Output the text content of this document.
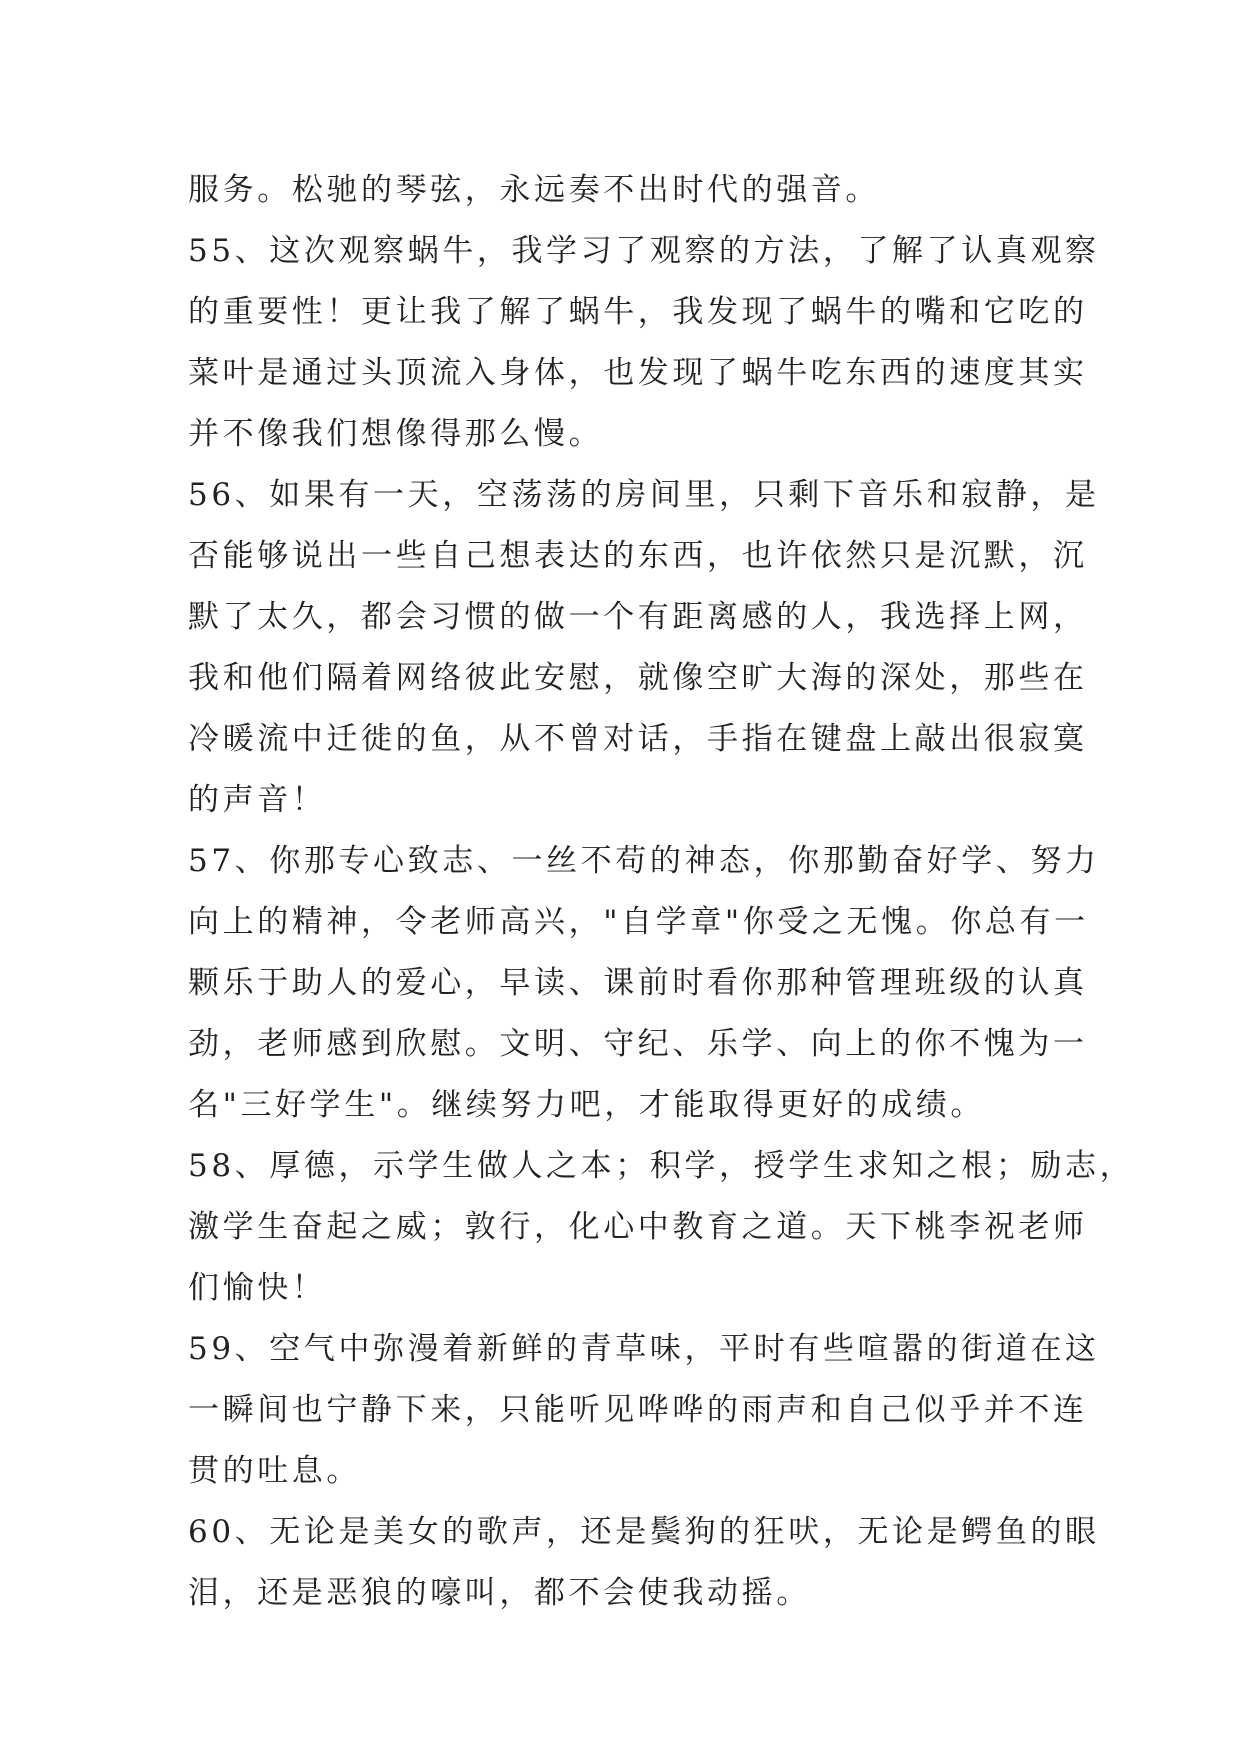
服务。松驰的琴弦，永远奏不出时代的强音。
55、这次观察蜗牛，我学习了观察的方法，了解了认真观察
的重要性！更让我了解了蜗牛，我发现了蜗牛的嘴和它吃的
菜叶是通过头顶流入身体，也发现了蜗牛吃东西的速度其实
并不像我们想像得那么慢。
56、如果有一天，空荡荡的房间里，只剩下音乐和寂静，是
否能够说出一些自己想表达的东西，也许依然只是沉默，沉
默了太久，都会习惯的做一个有距离感的人，我选择上网，
我和他们隔着网络彼此安慰，就像空旷大海的深处，那些在
冷暖流中迁徙的鱼，从不曾对话，手指在键盘上敲出很寂寞
的声音！
57、你那专心致志、一丝不苟的神态，你那勤奋好学、努力
向上的精神，令老师高兴，"自学章"你受之无愧。你总有一
颗乐于助人的爱心，早读、课前时看你那种管理班级的认真
劲，老师感到欣慰。文明、守纪、乐学、向上的你不愧为一
名"三好学生"。继续努力吧，才能取得更好的成绩。
58、厚德，示学生做人之本；积学，授学生求知之根；励志，
激学生奋起之威；敦行，化心中教育之道。天下桃李祝老师
们愉快！
59、空气中弥漫着新鲜的青草味，平时有些喧嚣的街道在这
一瞬间也宁静下来，只能听见哗哗的雨声和自己似乎并不连
贯的吐息。
60、无论是美女的歌声，还是鬓狗的狂吠，无论是鳄鱼的眼
泪，还是恶狼的嚎叫，都不会使我动摇。
